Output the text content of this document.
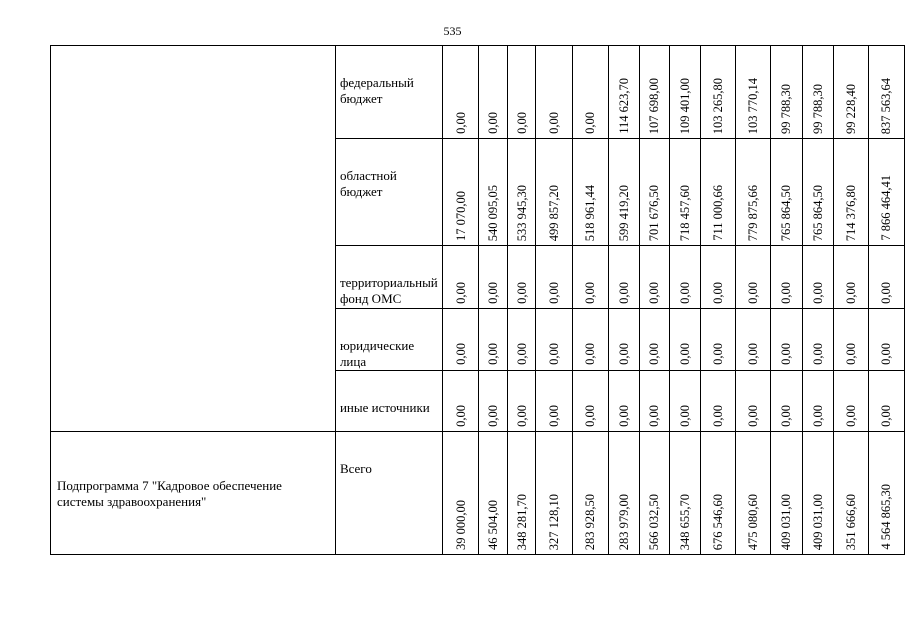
535

	федеральный бюджет	0,00	0,00	0,00	0,00	0,00	114 623,70	107 698,00	109 401,00	103 265,80	103 770,14	99 788,30	99 788,30	99 228,40	837 563,64

	областной бюджет	17 070,00	540 095,05	533 945,30	499 857,20	518 961,44	599 419,20	701 676,50	718 457,60	711 000,66	779 875,66	765 864,50	765 864,50	714 376,80	7 866 464,41

	территориальный фонд ОМС	0,00	0,00	0,00	0,00	0,00	0,00	0,00	0,00	0,00	0,00	0,00	0,00	0,00	0,00

	юридические лица	0,00	0,00	0,00	0,00	0,00	0,00	0,00	0,00	0,00	0,00	0,00	0,00	0,00	0,00

	иные источники	0,00	0,00	0,00	0,00	0,00	0,00	0,00	0,00	0,00	0,00	0,00	0,00	0,00	0,00

Подпрограмма 7 "Кадровое обеспечение системы здравоохранения"	Всего	39 000,00	46 504,00	348 281,70	327 128,10	283 928,50	283 979,00	566 032,50	348 655,70	676 546,60	475 080,60	409 031,00	409 031,00	351 666,60	4 564 865,30
